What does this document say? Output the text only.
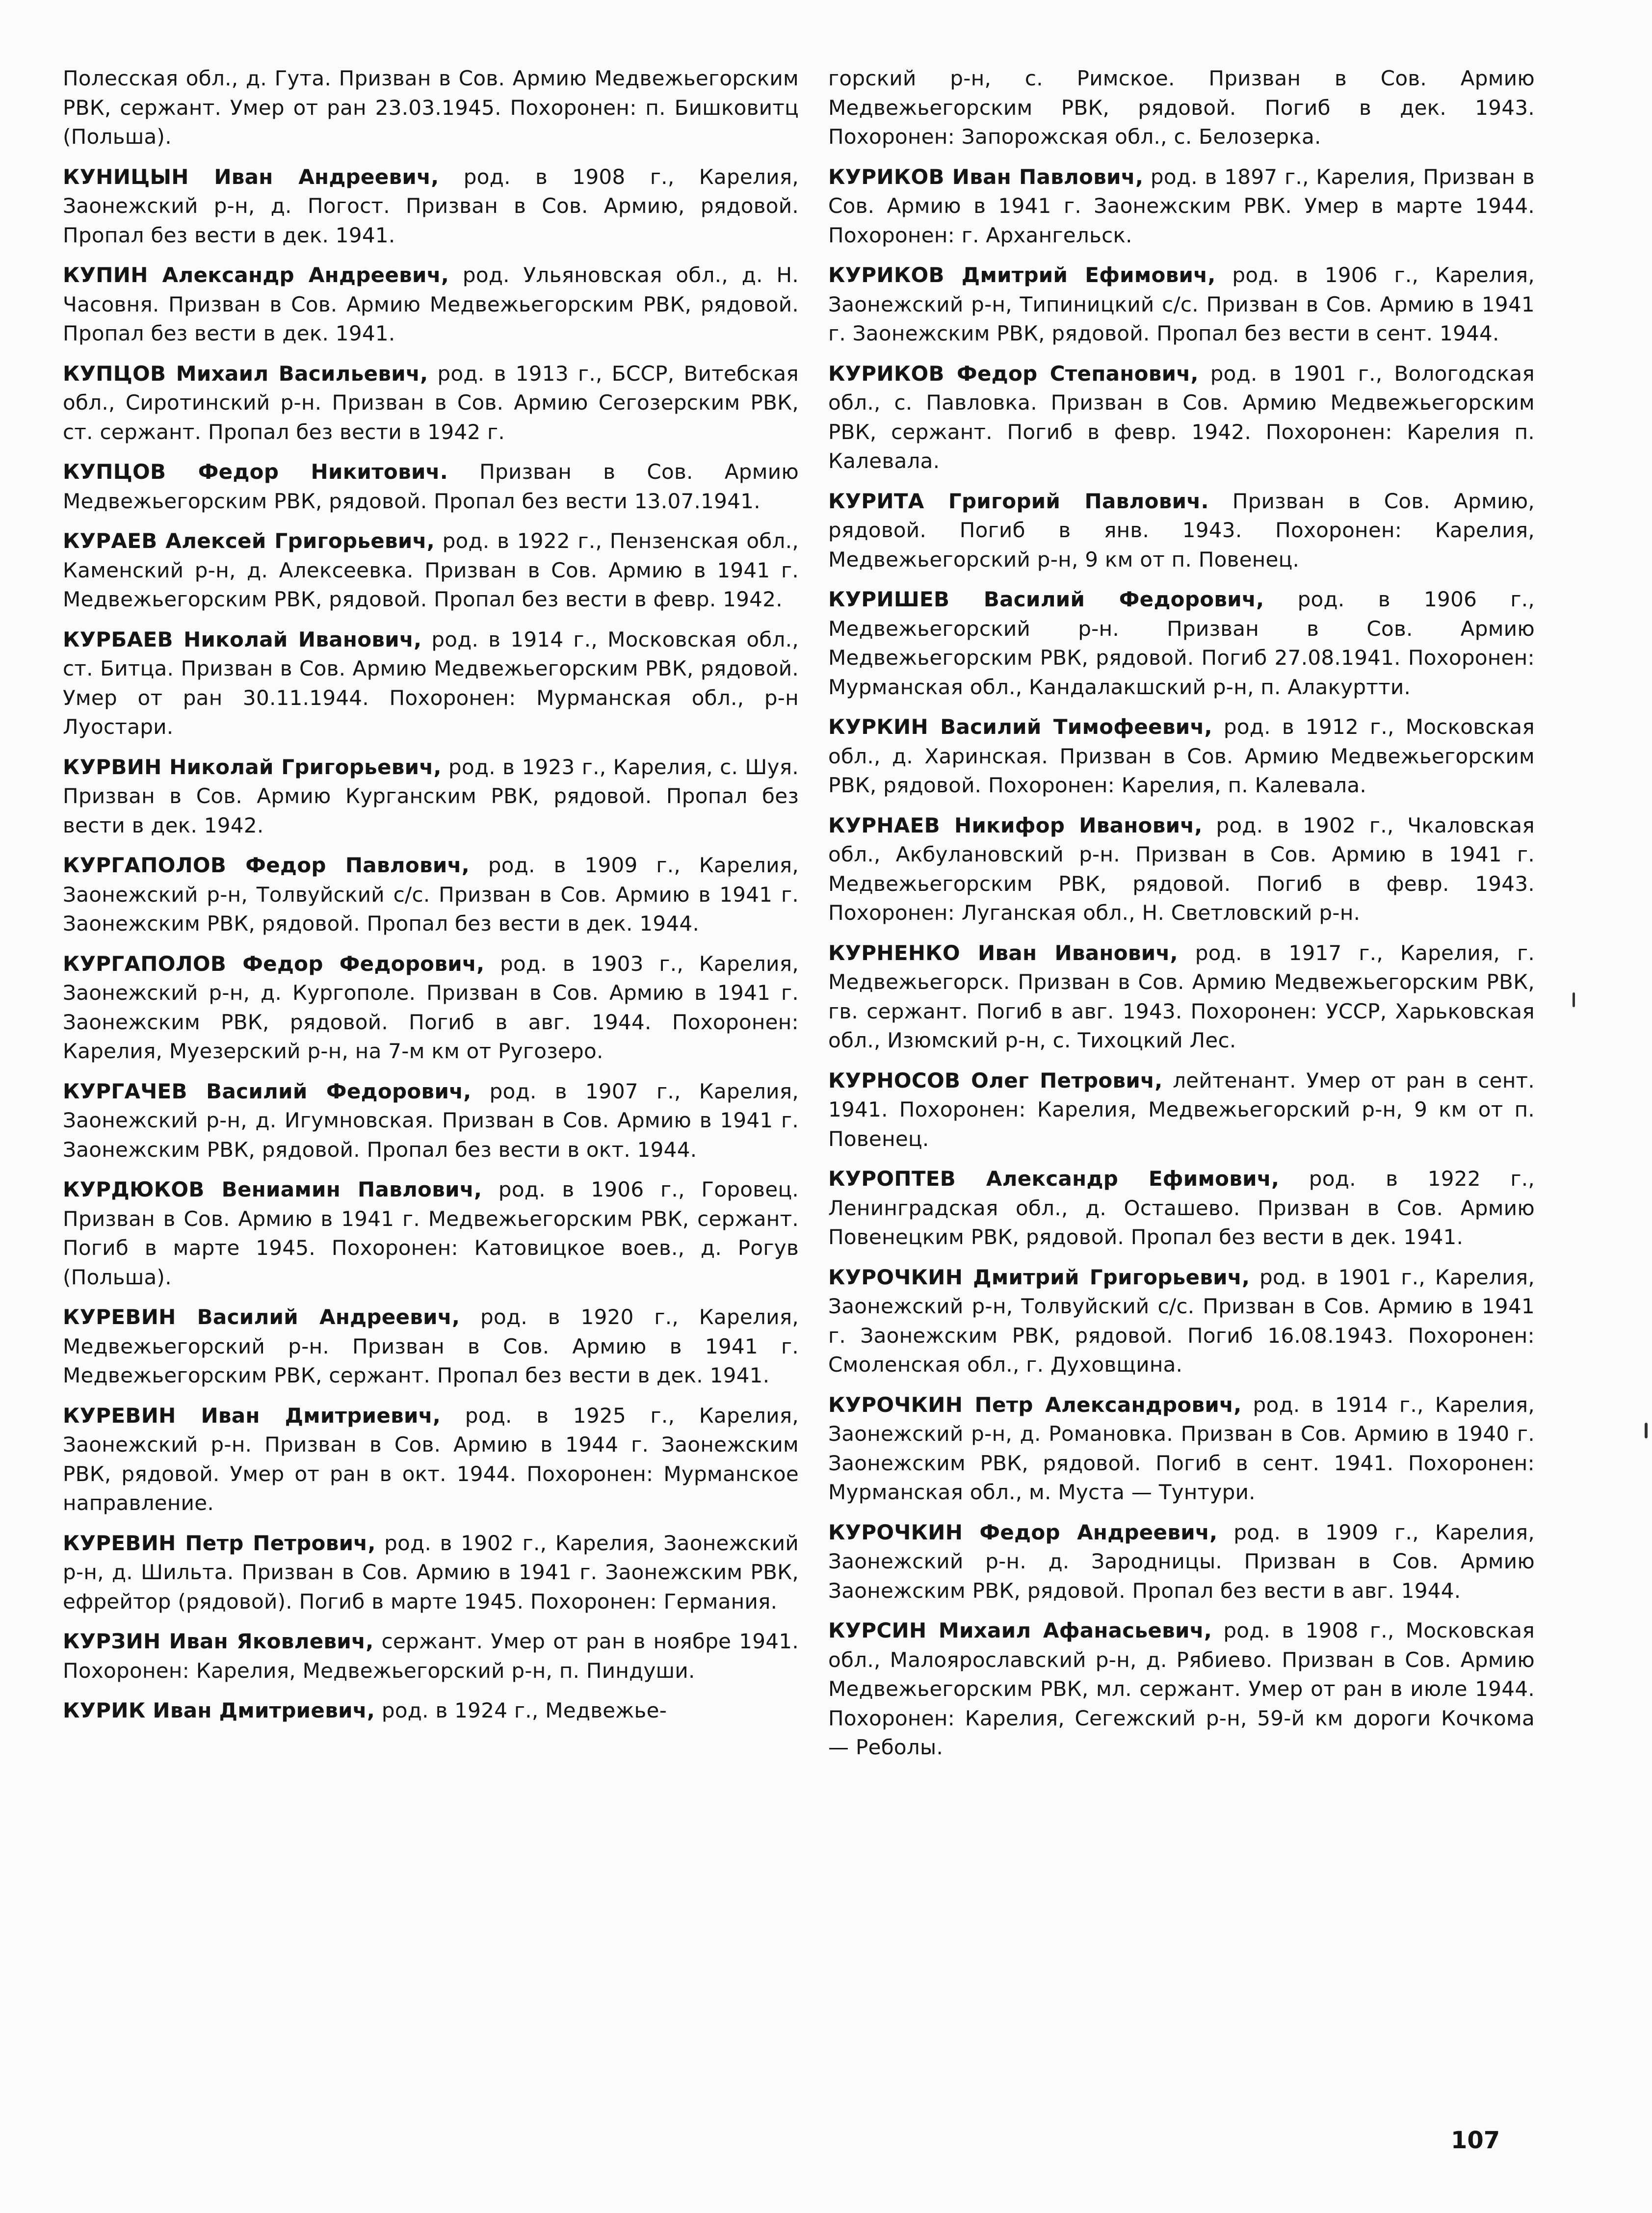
Полесская обл., д. Гута. Призван в Сов. Армию Медвежьегорским РВК, сержант. Умер от ран 23.03.1945. Похоронен: п. Бишковитц (Польша).

КУНИЦЫН Иван Андреевич, род. в 1908 г., Карелия, Заонежский р-н, д. Погост. Призван в Сов. Армию, рядовой. Пропал без вести в дек. 1941.

КУПИН Александр Андреевич, род. Ульяновская обл., д. Н. Часовня. Призван в Сов. Армию Медвежьегорским РВК, рядовой. Пропал без вести в дек. 1941.

КУПЦОВ Михаил Васильевич, род. в 1913 г., БССР, Витебская обл., Сиротинский р-н. Призван в Сов. Армию Сегозерским РВК, ст. сержант. Пропал без вести в 1942 г.

КУПЦОВ Федор Никитович. Призван в Сов. Армию Медвежьегорским РВК, рядовой. Пропал без вести 13.07.1941.

КУРАЕВ Алексей Григорьевич, род. в 1922 г., Пензенская обл., Каменский р-н, д. Алексеевка. Призван в Сов. Армию в 1941 г. Медвежьегорским РВК, рядовой. Пропал без вести в февр. 1942.

КУРБАЕВ Николай Иванович, род. в 1914 г., Московская обл., ст. Битца. Призван в Сов. Армию Медвежьегорским РВК, рядовой. Умер от ран 30.11.1944. Похоронен: Мурманская обл., р-н Луостари.

КУРВИН Николай Григорьевич, род. в 1923 г., Карелия, с. Шуя. Призван в Сов. Армию Курганским РВК, рядовой. Пропал без вести в дек. 1942.

КУРГАПОЛОВ Федор Павлович, род. в 1909 г., Карелия, Заонежский р-н, Толвуйский с/с. Призван в Сов. Армию в 1941 г. Заонежским РВК, рядовой. Пропал без вести в дек. 1944.

КУРГАПОЛОВ Федор Федорович, род. в 1903 г., Карелия, Заонежский р-н, д. Кургополе. Призван в Сов. Армию в 1941 г. Заонежским РВК, рядовой. Погиб в авг. 1944. Похоронен: Карелия, Муезерский р-н, на 7-м км от Ругозеро.

КУРГАЧЕВ Василий Федорович, род. в 1907 г., Карелия, Заонежский р-н, д. Игумновская. Призван в Сов. Армию в 1941 г. Заонежским РВК, рядовой. Пропал без вести в окт. 1944.

КУРДЮКОВ Вениамин Павлович, род. в 1906 г., Горовец. Призван в Сов. Армию в 1941 г. Медвежьегорским РВК, сержант. Погиб в марте 1945. Похоронен: Катовицкое воев., д. Рогув (Польша).

КУРЕВИН Василий Андреевич, род. в 1920 г., Карелия, Медвежьегорский р-н. Призван в Сов. Армию в 1941 г. Медвежьегорским РВК, сержант. Пропал без вести в дек. 1941.

КУРЕВИН Иван Дмитриевич, род. в 1925 г., Карелия, Заонежский р-н. Призван в Сов. Армию в 1944 г. Заонежским РВК, рядовой. Умер от ран в окт. 1944. Похоронен: Мурманское направление.

КУРЕВИН Петр Петрович, род. в 1902 г., Карелия, Заонежский р-н, д. Шильта. Призван в Сов. Армию в 1941 г. Заонежским РВК, ефрейтор (рядовой). Погиб в марте 1945. Похоронен: Германия.

КУРЗИН Иван Яковлевич, сержант. Умер от ран в ноябре 1941. Похоронен: Карелия, Медвежьегорский р-н, п. Пиндуши.

КУРИК Иван Дмитриевич, род. в 1924 г., Медвежье-

горский р-н, с. Римское. Призван в Сов. Армию Медвежьегорским РВК, рядовой. Погиб в дек. 1943. Похоронен: Запорожская обл., с. Белозерка.

КУРИКОВ Иван Павлович, род. в 1897 г., Карелия, Призван в Сов. Армию в 1941 г. Заонежским РВК. Умер в марте 1944. Похоронен: г. Архангельск.

КУРИКОВ Дмитрий Ефимович, род. в 1906 г., Карелия, Заонежский р-н, Типиницкий с/с. Призван в Сов. Армию в 1941 г. Заонежским РВК, рядовой. Пропал без вести в сент. 1944.

КУРИКОВ Федор Степанович, род. в 1901 г., Вологодская обл., с. Павловка. Призван в Сов. Армию Медвежьегорским РВК, сержант. Погиб в февр. 1942. Похоронен: Карелия п. Калевала.

КУРИТА Григорий Павлович. Призван в Сов. Армию, рядовой. Погиб в янв. 1943. Похоронен: Карелия, Медвежьегорский р-н, 9 км от п. Повенец.

КУРИШЕВ Василий Федорович, род. в 1906 г., Медвежьегорский р-н. Призван в Сов. Армию Медвежьегорским РВК, рядовой. Погиб 27.08.1941. Похоронен: Мурманская обл., Кандалакшский р-н, п. Алакуртти.

КУРКИН Василий Тимофеевич, род. в 1912 г., Московская обл., д. Харинская. Призван в Сов. Армию Медвежьегорским РВК, рядовой. Похоронен: Карелия, п. Калевала.

КУРНАЕВ Никифор Иванович, род. в 1902 г., Чкаловская обл., Акбулановский р-н. Призван в Сов. Армию в 1941 г. Медвежьегорским РВК, рядовой. Погиб в февр. 1943. Похоронен: Луганская обл., Н. Светловский р-н.

КУРНЕНКО Иван Иванович, род. в 1917 г., Карелия, г. Медвежьегорск. Призван в Сов. Армию Медвежьегорским РВК, гв. сержант. Погиб в авг. 1943. Похоронен: УССР, Харьковская обл., Изюмский р-н, с. Тихоцкий Лес.

КУРНОСОВ Олег Петрович, лейтенант. Умер от ран в сент. 1941. Похоронен: Карелия, Медвежьегорский р-н, 9 км от п. Повенец.

КУРОПТЕВ Александр Ефимович, род. в 1922 г., Ленинградская обл., д. Осташево. Призван в Сов. Армию Повенецким РВК, рядовой. Пропал без вести в дек. 1941.

КУРОЧКИН Дмитрий Григорьевич, род. в 1901 г., Карелия, Заонежский р-н, Толвуйский с/с. Призван в Сов. Армию в 1941 г. Заонежским РВК, рядовой. Погиб 16.08.1943. Похоронен: Смоленская обл., г. Духовщина.

КУРОЧКИН Петр Александрович, род. в 1914 г., Карелия, Заонежский р-н, д. Романовка. Призван в Сов. Армию в 1940 г. Заонежским РВК, рядовой. Погиб в сент. 1941. Похоронен: Мурманская обл., м. Муста — Тунтури.

КУРОЧКИН Федор Андреевич, род. в 1909 г., Карелия, Заонежский р-н. д. Зародницы. Призван в Сов. Армию Заонежским РВК, рядовой. Пропал без вести в авг. 1944.

КУРСИН Михаил Афанасьевич, род. в 1908 г., Московская обл., Малоярославский р-н, д. Рябиево. Призван в Сов. Армию Медвежьегорским РВК, мл. сержант. Умер от ран в июле 1944. Похоронен: Карелия, Сегежский р-н, 59-й км дороги Кочкома — Реболы.

107
